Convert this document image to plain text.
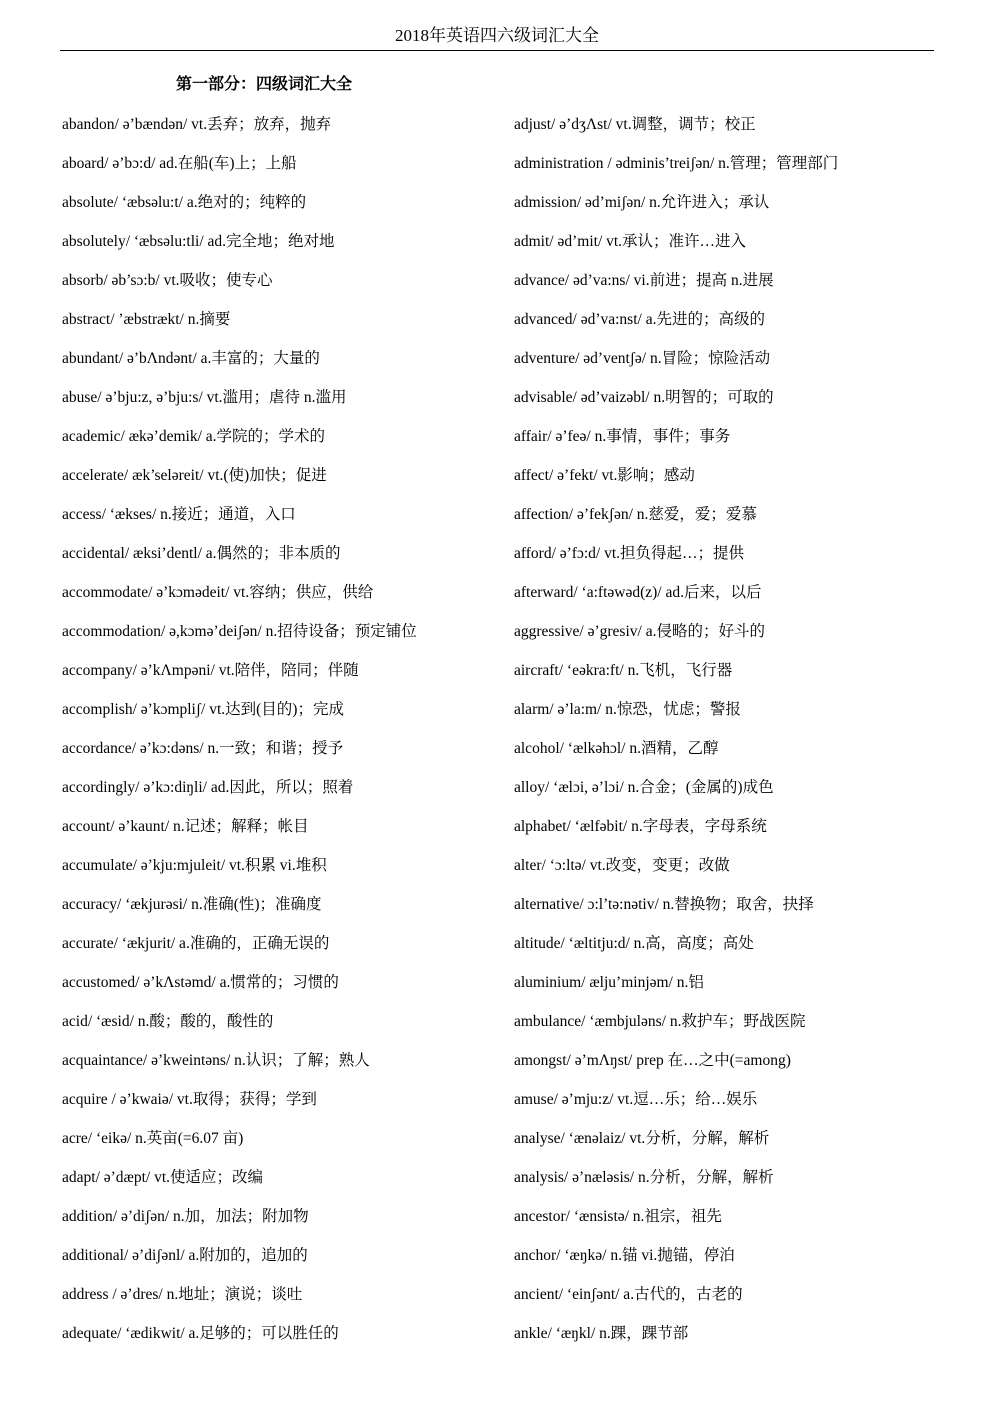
2018年英语四六级词汇大全
第一部分：四级词汇大全
abandon/ ə’bændən/ vt.丢弃；放弃，抛弃
aboard/ ə’bɔ:d/ ad.在船(车)上；上船
absolute/ ‘æbsəlu:t/ a.绝对的；纯粹的
absolutely/ ‘æbsəlu:tli/ ad.完全地；绝对地
absorb/ əb’sɔ:b/ vt.吸收；使专心
abstract/ ’æbstrækt/ n.摘要
abundant/ ə’bΛndənt/ a.丰富的；大量的
abuse/ ə’bju:z, ə’bju:s/ vt.滥用；虐待 n.滥用
academic/ ækə’demik/ a.学院的；学术的
accelerate/ æk’seləreit/ vt.(使)加快；促进
access/ ‘ækses/ n.接近；通道，入口
accidental/ æksi’dentl/ a.偶然的；非本质的
accommodate/ ə’kɔmədeit/ vt.容纳；供应，供给
accommodation/ ə,kɔmə’deiʃən/ n.招待设备；预定铺位
accompany/ ə’kΛmpəni/ vt.陪伴，陪同；伴随
accomplish/ ə’kɔmpliʃ/ vt.达到(目的)；完成
accordance/ ə’kɔ:dəns/ n.一致；和谐；授予
accordingly/ ə’kɔ:diŋli/ ad.因此，所以；照着
account/ ə’kaunt/ n.记述；解释；帐目
accumulate/ ə’kju:mjuleit/ vt.积累 vi.堆积
accuracy/ ‘ækjurəsi/ n.准确(性)；准确度
accurate/ ‘ækjurit/ a.准确的，正确无误的
accustomed/ ə’kΛstəmd/ a.惯常的；习惯的
acid/ ‘æsid/ n.酸；酸的，酸性的
acquaintance/ ə’kweintəns/ n.认识；了解；熟人
acquire / ə’kwaiə/ vt.取得；获得；学到
acre/ ‘eikə/ n.英亩(=6.07 亩)
adapt/ ə’dæpt/ vt.使适应；改编
addition/ ə’diʃən/ n.加，加法；附加物
additional/ ə’diʃənl/ a.附加的，追加的
address / ə’dres/ n.地址；演说；谈吐
adequate/ ‘ædikwit/ a.足够的；可以胜任的
adjust/ ə’dʒΛst/ vt.调整，调节；校正
administration / ədminis’treiʃən/ n.管理；管理部门
admission/ əd’miʃən/ n.允许进入；承认
admit/ əd’mit/ vt.承认；准许…进入
advance/ əd’va:ns/ vi.前进；提高 n.进展
advanced/ əd’va:nst/ a.先进的；高级的
adventure/ əd’ventʃə/ n.冒险；惊险活动
advisable/ əd’vaizəbl/ n.明智的；可取的
affair/ ə’feə/ n.事情，事件；事务
affect/ ə’fekt/ vt.影响；感动
affection/ ə’fekʃən/ n.慈爱，爱；爱慕
afford/ ə’fɔ:d/ vt.担负得起…；提供
afterward/ ‘a:ftəwəd(z)/ ad.后来，以后
aggressive/ ə’gresiv/ a.侵略的；好斗的
aircraft/ ‘eəkra:ft/ n.飞机，飞行器
alarm/ ə’la:m/ n.惊恐，忧虑；警报
alcohol/ ‘ælkəhɔl/ n.酒精，乙醇
alloy/ ‘ælɔi, ə’lɔi/ n.合金；(金属的)成色
alphabet/ ‘ælfəbit/ n.字母表，字母系统
alter/ ‘ɔ:ltə/ vt.改变，变更；改做
alternative/ ɔ:l’tə:nətiv/ n.替换物；取舍，抉择
altitude/ ‘æltitju:d/ n.高，高度；高处
aluminium/ ælju’minjəm/ n.铝
ambulance/ ‘æmbjuləns/ n.救护车；野战医院
amongst/ ə’mΛŋst/ prep 在…之中(=among)
amuse/ ə’mju:z/ vt.逗…乐；给…娱乐
analyse/ ‘ænəlaiz/ vt.分析，分解，解析
analysis/ ə’næləsis/ n.分析，分解，解析
ancestor/ ‘ænsistə/ n.祖宗，祖先
anchor/ ‘æŋkə/ n.锚 vi.抛锚，停泊
ancient/ ‘einʃənt/ a.古代的，古老的
ankle/ ‘æŋkl/ n.踝，踝节部
